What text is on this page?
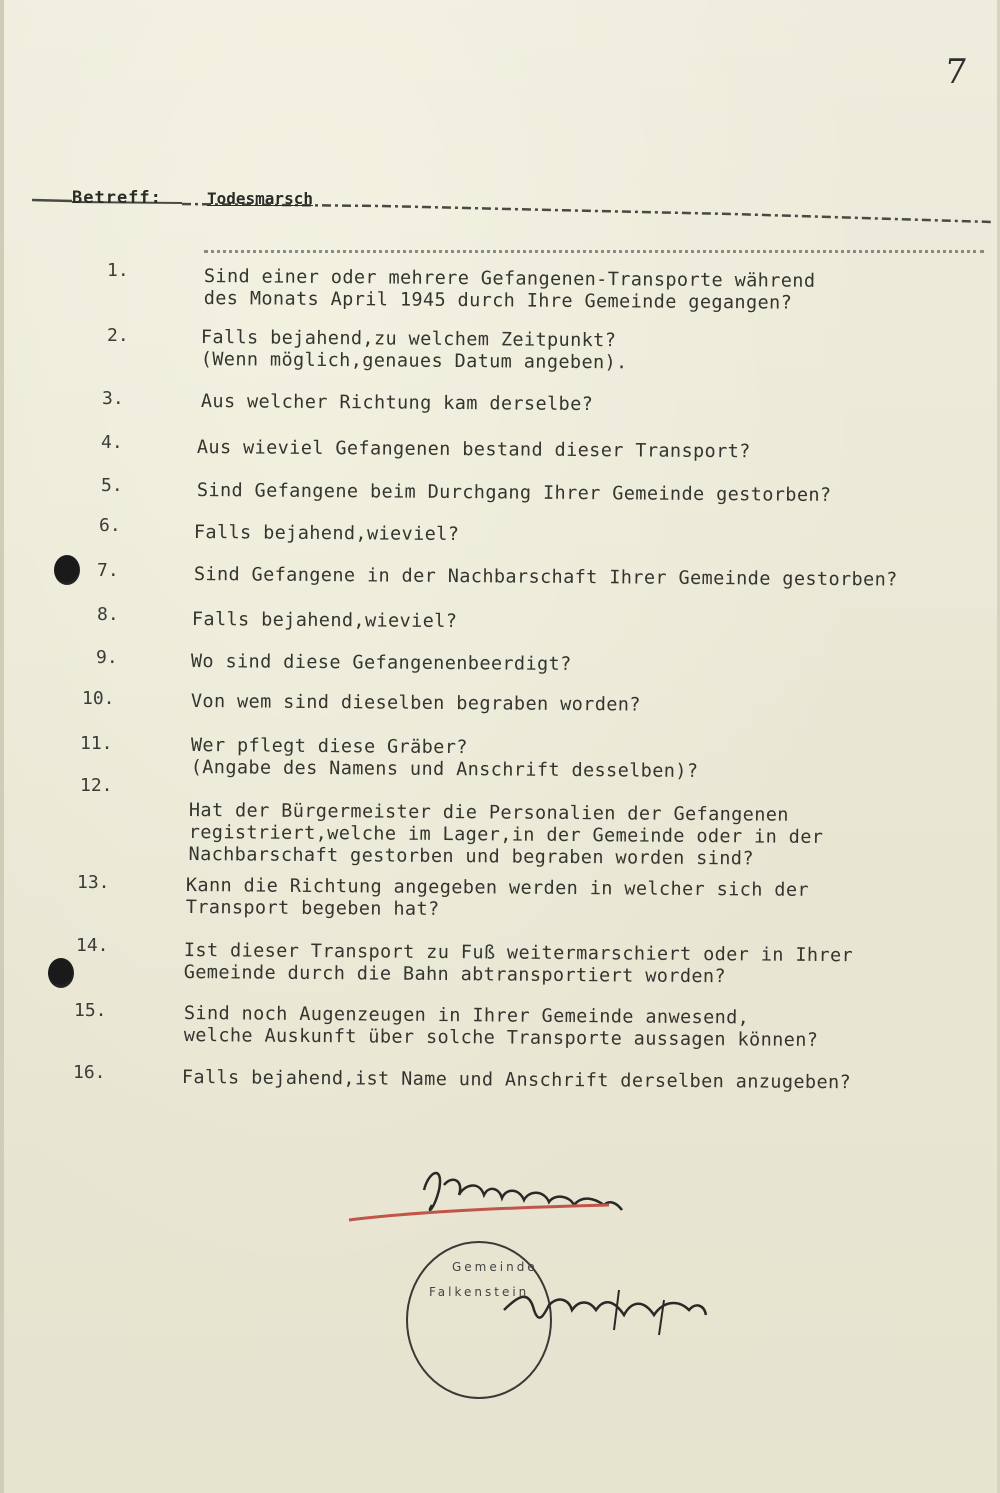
7
Betreff:	Todesmarsch
1.	Sind einer oder mehrere Gefangenen-Transporte während
des Monats April 1945 durch Ihre Gemeinde gegangen?
2.	Falls bejahend,zu welchem Zeitpunkt?
(Wenn möglich,genaues Datum angeben).
3.	Aus welcher Richtung kam derselbe?
4.	Aus wieviel Gefangenen bestand dieser Transport?
5.	Sind Gefangene beim Durchgang Ihrer Gemeinde gestorben?
6.	Falls bejahend,wieviel?
7.	Sind Gefangene in der Nachbarschaft Ihrer Gemeinde gestorben?
8.	Falls bejahend,wieviel?
9.	Wo sind diese Gefangenenbeerdigt?
10.	Von wem sind dieselben begraben worden?
11.	Wer pflegt diese Gräber?
(Angabe des Namens und Anschrift desselben)?
12.
Hat der Bürgermeister die Personalien der Gefangenen
registriert,welche im Lager,in der Gemeinde oder in der
Nachbarschaft gestorben und begraben worden sind?
13.	Kann die Richtung angegeben werden in welcher sich der
Transport begeben hat?
14.	Ist dieser Transport zu Fuß weitermarschiert oder in Ihrer
Gemeinde durch die Bahn abtransportiert worden?
15.	Sind noch Augenzeugen in Ihrer Gemeinde anwesend,
welche Auskunft über solche Transporte aussagen können?
16.	Falls bejahend,ist Name und Anschrift derselben anzugeben?
Gemeinde
Falkenstein
